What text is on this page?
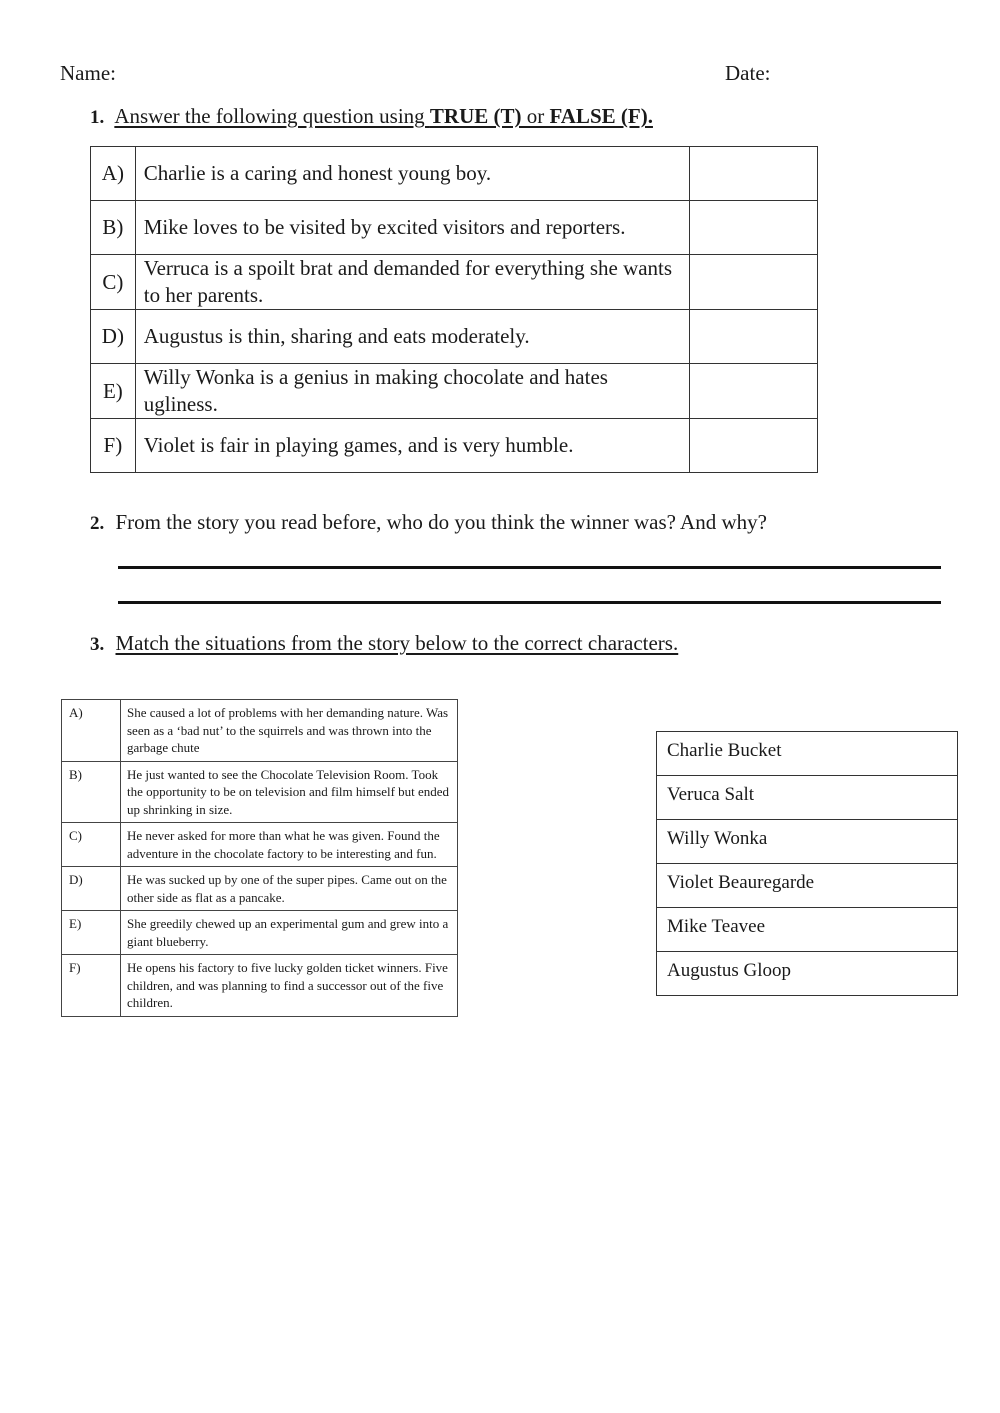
Name:	Date:
1. Answer the following question using TRUE (T) or FALSE (F).
A)	Charlie is a caring and honest young boy.	
B)	Mike loves to be visited by excited visitors and reporters.	
C)	Verruca is a spoilt brat and demanded for everything she wants to her parents.	
D)	Augustus is thin, sharing and eats moderately.	
E)	Willy Wonka is a genius in making chocolate and hates ugliness.	
F)	Violet is fair in playing games, and is very humble.	
2. From the story you read before, who do you think the winner was? And why?
3. Match the situations from the story below to the correct characters.
A)	She caused a lot of problems with her demanding nature. Was seen as a ‘bad nut’ to the squirrels and was thrown into the garbage chute
B)	He just wanted to see the Chocolate Television Room. Took the opportunity to be on television and film himself but ended up shrinking in size.
C)	He never asked for more than what he was given. Found the adventure in the chocolate factory to be interesting and fun.
D)	He was sucked up by one of the super pipes. Came out on the other side as flat as a pancake.
E)	She greedily chewed up an experimental gum and grew into a giant blueberry.
F)	He opens his factory to five lucky golden ticket winners. Five children, and was planning to find a successor out of the five children.
Charlie Bucket
Veruca Salt
Willy Wonka
Violet Beauregarde
Mike Teavee
Augustus Gloop
